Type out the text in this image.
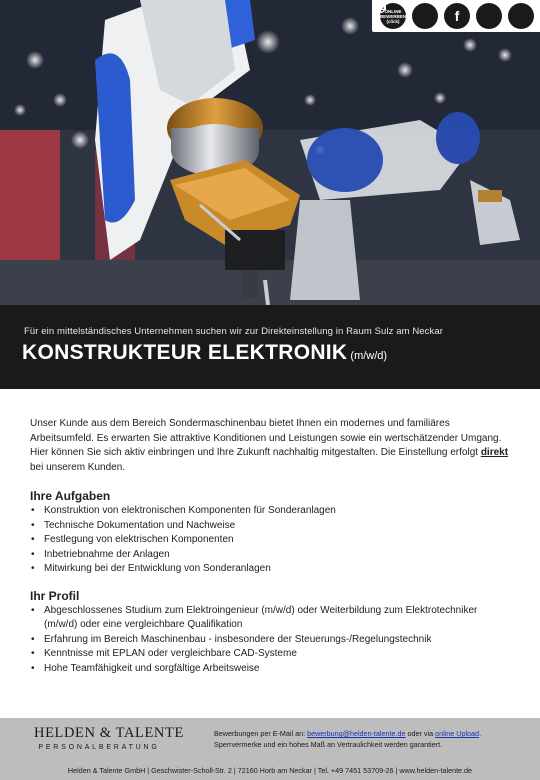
ONLINE BEWERBEN (click)	f
Für ein mittelständisches Unternehmen suchen wir zur Direkteinstellung in Raum Sulz am Neckar
KONSTRUKTEUR ELEKTRONIK (m/w/d)

Unser Kunde aus dem Bereich Sondermaschinenbau bietet Ihnen ein modernes und familiäres Arbeitsumfeld. Es erwarten Sie attraktive Konditionen und Leistungen sowie ein wertschätzender Umgang. Hier können Sie sich aktiv einbringen und Ihre Zukunft nachhaltig mitgestalten. Die Einstellung erfolgt direkt bei unserem Kunden.

Ihre Aufgaben
• Konstruktion von elektronischen Komponenten für Sonderanlagen
• Technische Dokumentation und Nachweise
• Festlegung von elektrischen Komponenten
• Inbetriebnahme der Anlagen
• Mitwirkung bei der Entwicklung von Sonderanlagen
Ihr Profil
• Abgeschlossenes Studium zum Elektroingenieur (m/w/d) oder Weiterbildung zum Elektrotechniker (m/w/d) oder eine vergleichbare Qualifikation
• Erfahrung im Bereich Maschinenbau - insbesondere der Steuerungs-/Regelungstechnik
• Kenntnisse mit EPLAN oder vergleichbare CAD-Systeme
• Hohe Teamfähigkeit und sorgfältige Arbeitsweise
HELDEN & TALENTE
PERSONALBERATUNG
Bewerbungen per E-Mail an: bewerbung@helden-talente.de oder via online Upload.
Sperrvermerke und ein hohes Maß an Vertraulichkeit werden garantiert.
Helden & Talente GmbH | Geschwister-Scholl-Str. 2 | 72160 Horb am Neckar | Tel. +49 7451 53709-26 | www.helden-talente.de
